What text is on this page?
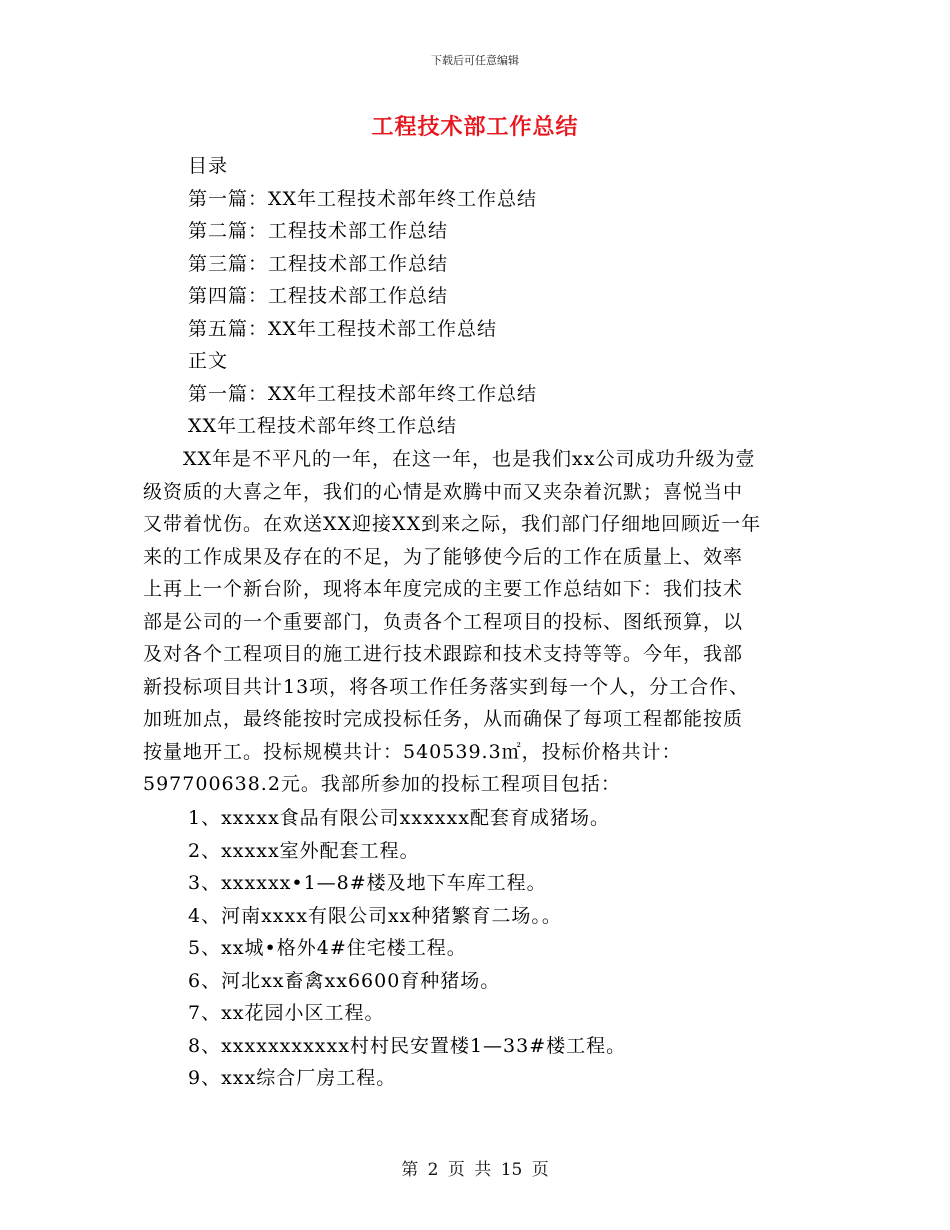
下载后可任意编辑
工程技术部工作总结
目录
第一篇：XX年工程技术部年终工作总结
第二篇：工程技术部工作总结
第三篇：工程技术部工作总结
第四篇：工程技术部工作总结
第五篇：XX年工程技术部工作总结
正文
第一篇：XX年工程技术部年终工作总结
XX年工程技术部年终工作总结
　　XX年是不平凡的一年，在这一年，也是我们xx公司成功升级为壹
级资质的大喜之年，我们的心情是欢腾中而又夹杂着沉默；喜悦当中
又带着忧伤。在欢送XX迎接XX到来之际，我们部门仔细地回顾近一年
来的工作成果及存在的不足，为了能够使今后的工作在质量上、效率
上再上一个新台阶，现将本年度完成的主要工作总结如下：我们技术
部是公司的一个重要部门，负责各个工程项目的投标、图纸预算，以
及对各个工程项目的施工进行技术跟踪和技术支持等等。今年，我部
新投标项目共计13项，将各项工作任务落实到每一个人，分工合作、
加班加点，最终能按时完成投标任务，从而确保了每项工程都能按质
按量地开工。投标规模共计：540539.3㎡，投标价格共计：
597700638.2元。我部所参加的投标工程项目包括：
1、xxxxx食品有限公司xxxxxx配套育成猪场。
2、xxxxx室外配套工程。
3、xxxxxx•1—8#楼及地下车库工程。
4、河南xxxx有限公司xx种猪繁育二场。。
5、xx城•格外4#住宅楼工程。
6、河北xx畜禽xx6600育种猪场。
7、xx花园小区工程。
8、xxxxxxxxxxx村村民安置楼1—33#楼工程。
9、xxx综合厂房工程。
第 2 页 共 15 页
